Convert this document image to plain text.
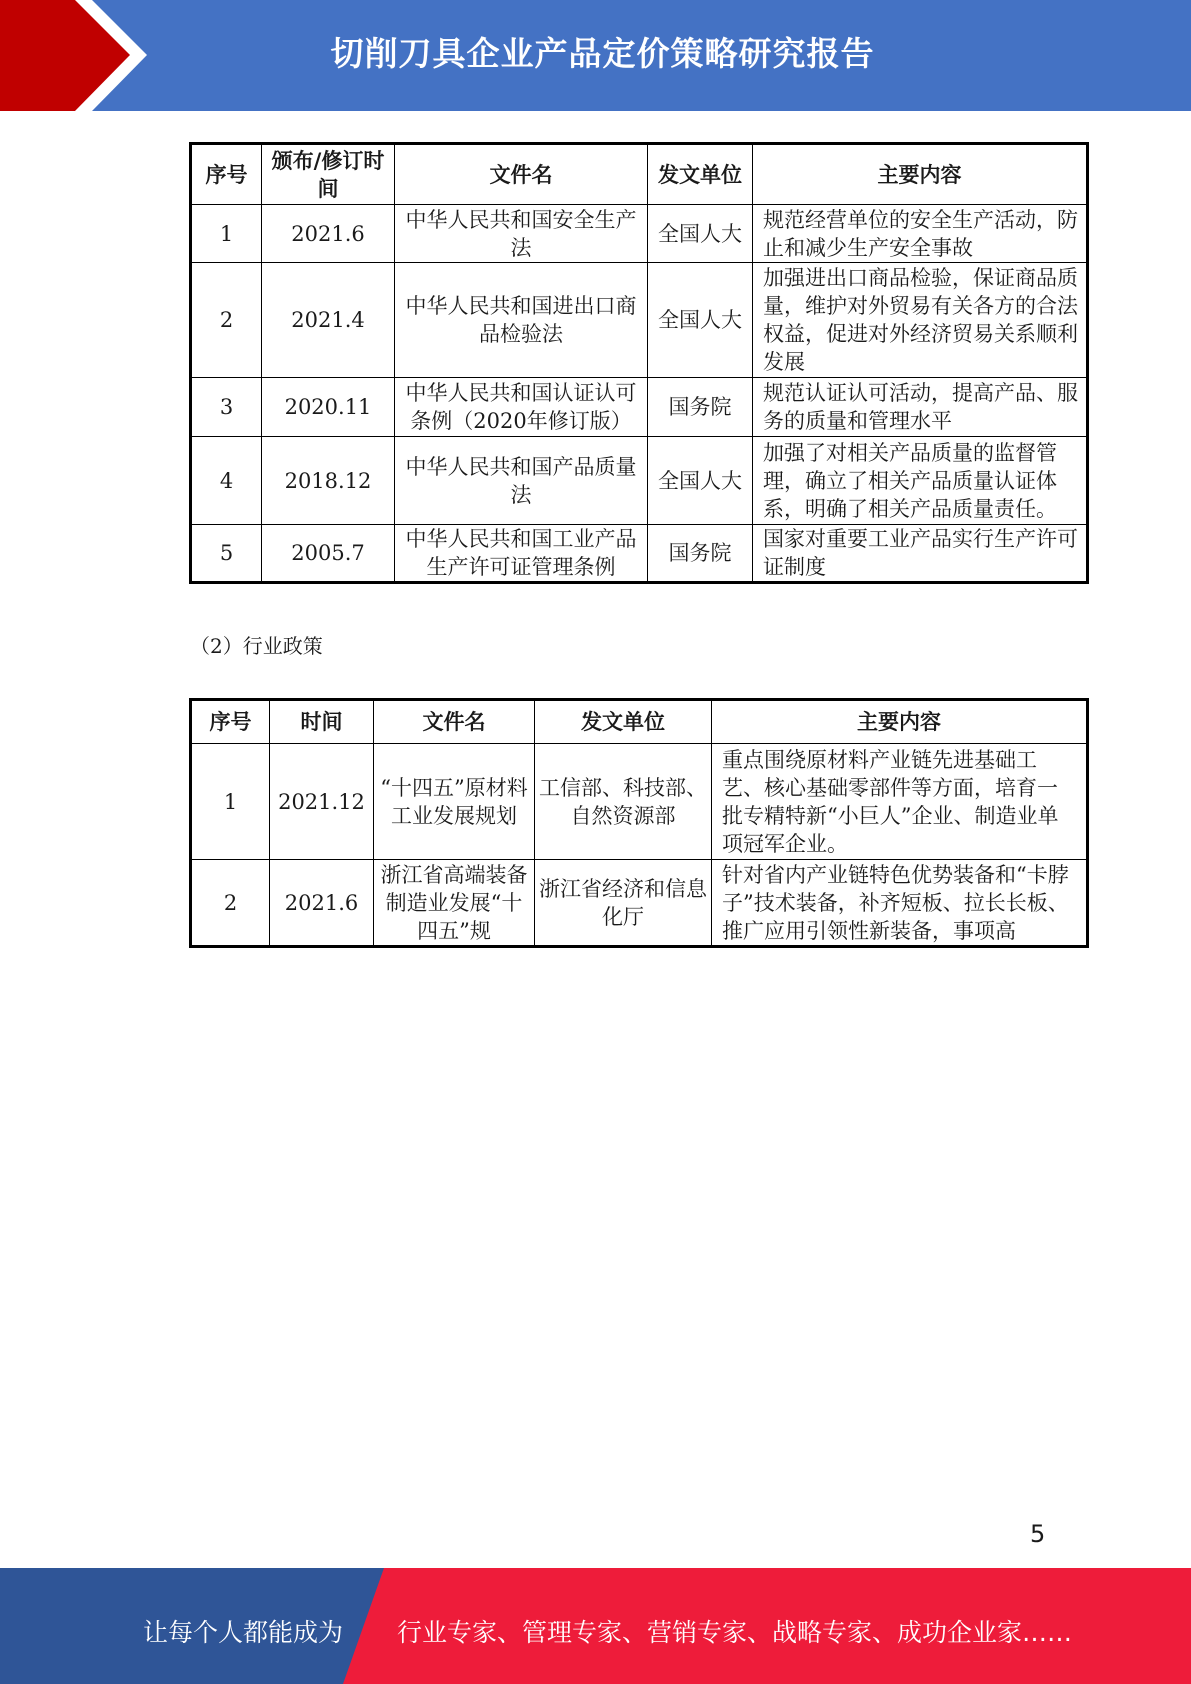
切削刀具企业产品定价策略研究报告
序号	颁布/修订时间	文件名	发文单位	主要内容
1	2021.6	中华人民共和国安全生产法	全国人大	规范经营单位的安全生产活动，防止和减少生产安全事故
2	2021.4	中华人民共和国进出口商品检验法	全国人大	加强进出口商品检验，保证商品质量，维护对外贸易有关各方的合法权益，促进对外经济贸易关系顺利发展
3	2020.11	中华人民共和国认证认可条例（2020年修订版）	国务院	规范认证认可活动，提高产品、服务的质量和管理水平
4	2018.12	中华人民共和国产品质量法	全国人大	加强了对相关产品质量的监督管理，确立了相关产品质量认证体系，明确了相关产品质量责任。
5	2005.7	中华人民共和国工业产品生产许可证管理条例	国务院	国家对重要工业产品实行生产许可证制度
（2）行业政策
序号	时间	文件名	发文单位	主要内容
1	2021.12	“十四五”原材料工业发展规划	工信部、科技部、自然资源部	重点围绕原材料产业链先进基础工艺、核心基础零部件等方面，培育一批专精特新“小巨人”企业、制造业单项冠军企业。
2	2021.6	浙江省高端装备制造业发展“十四五”规	浙江省经济和信息化厅	针对省内产业链特色优势装备和“卡脖子”技术装备，补齐短板、拉长长板、推广应用引领性新装备，事项高
5
让每个人都能成为 行业专家、管理专家、营销专家、战略专家、成功企业家……
